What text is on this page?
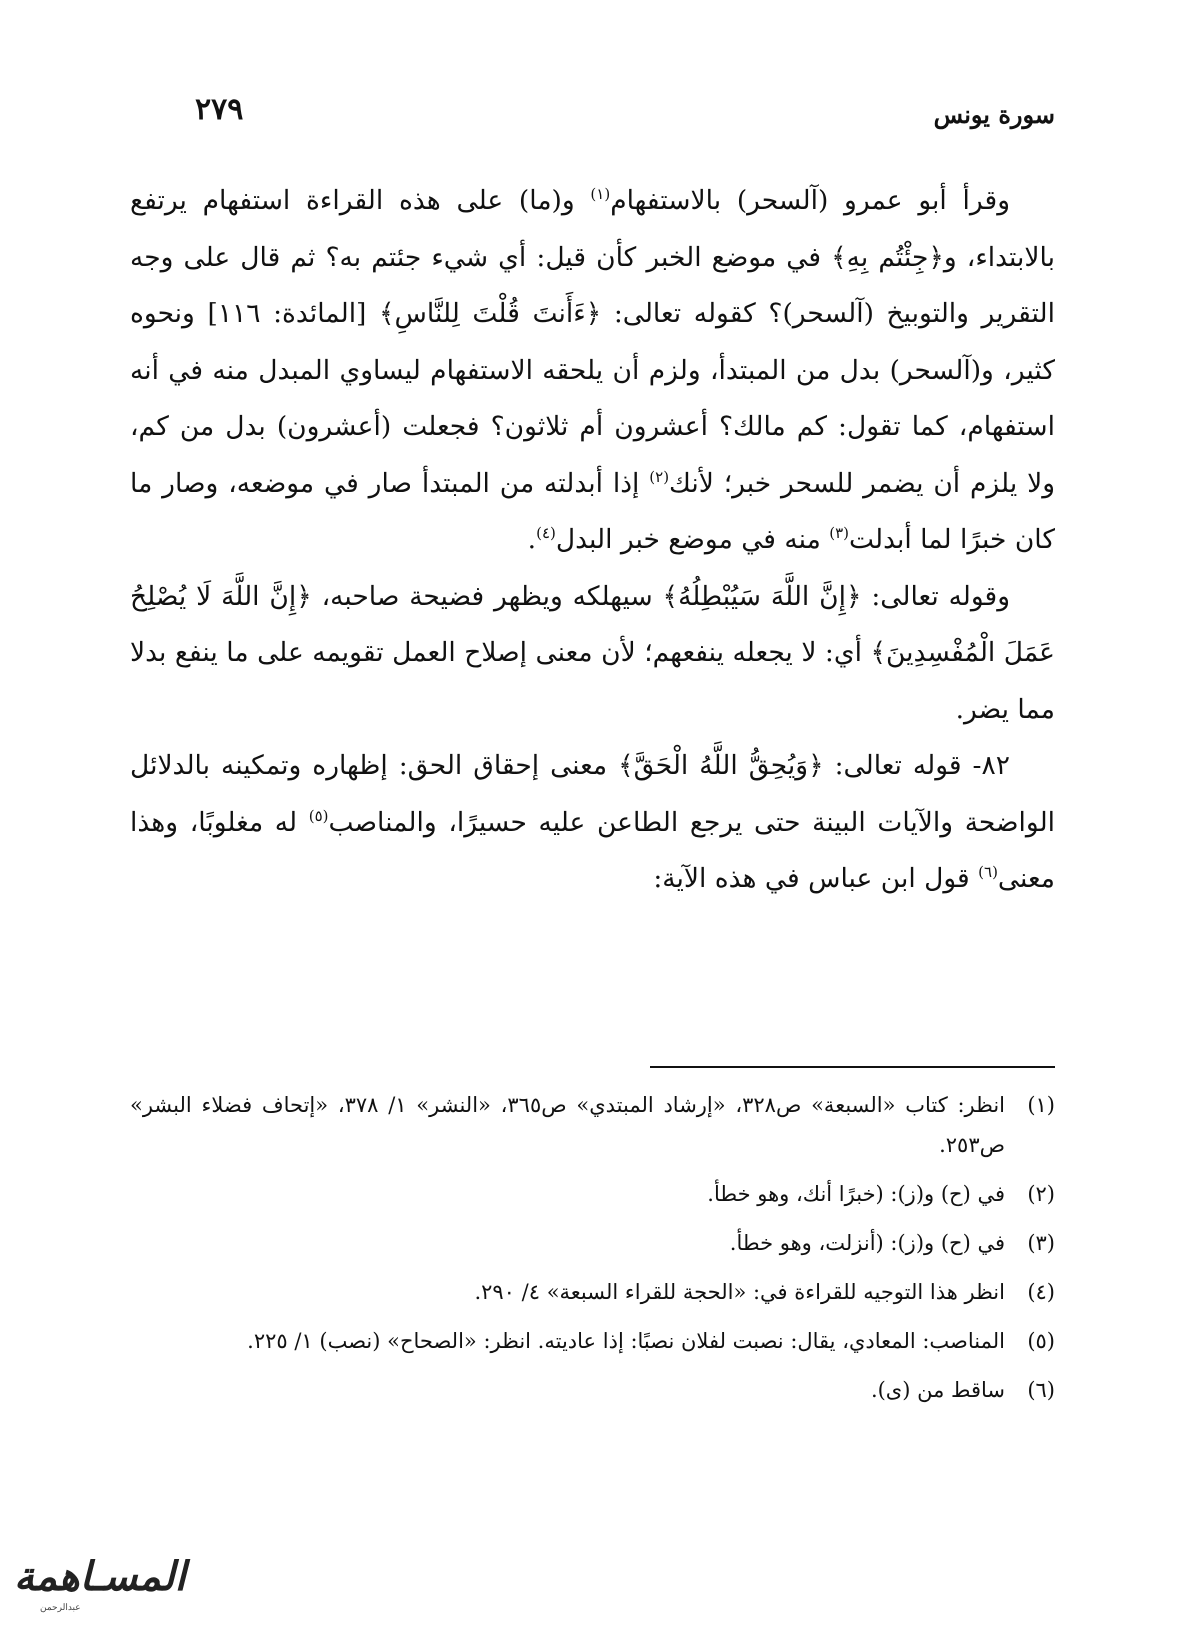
سورة يونس
٢٧٩

وقرأ أبو عمرو (آلسحر) بالاستفهام$^{(١)}$ و(ما) على هذه القراءة استفهام يرتفع بالابتداء، و﴿جِئْتُم بِهِ﴾ في موضع الخبر كأن قيل: أي شيء جئتم به؟ ثم قال على وجه التقرير والتوبيخ (آلسحر)؟ كقوله تعالى: ﴿ءَأَنتَ قُلْتَ لِلنَّاسِ﴾ [المائدة: ١١٦] ونحوه كثير، و(آلسحر) بدل من المبتدأ، ولزم أن يلحقه الاستفهام ليساوي المبدل منه في أنه استفهام، كما تقول: كم مالك؟ أعشرون أم ثلاثون؟ فجعلت (أعشرون) بدل من كم، ولا يلزم أن يضمر للسحر خبر؛ لأنك$^{(٢)}$ إذا أبدلته من المبتدأ صار في موضعه، وصار ما كان خبرًا لما أبدلت$^{(٣)}$ منه في موضع خبر البدل$^{(٤)}$.

وقوله تعالى: ﴿إِنَّ اللَّهَ سَيُبْطِلُهُ﴾ سيهلكه ويظهر فضيحة صاحبه، ﴿إِنَّ اللَّهَ لَا يُصْلِحُ عَمَلَ الْمُفْسِدِينَ﴾ أي: لا يجعله ينفعهم؛ لأن معنى إصلاح العمل تقويمه على ما ينفع بدلا مما يضر.

٨٢- قوله تعالى: ﴿وَيُحِقُّ اللَّهُ الْحَقَّ﴾ معنى إحقاق الحق: إظهاره وتمكينه بالدلائل الواضحة والآيات البينة حتى يرجع الطاعن عليه حسيرًا، والمناصب$^{(٥)}$ له مغلوبًا، وهذا معنى$^{(٦)}$ قول ابن عباس في هذه الآية:

(١)
انظر: كتاب «السبعة» ص٣٢٨، «إرشاد المبتدي» ص٣٦٥، «النشر» ١/ ٣٧٨، «إتحاف فضلاء البشر» ص٢٥٣.
(٢)
في (ح) و(ز): (خبرًا أنك، وهو خطأ.
(٣)
في (ح) و(ز): (أنزلت، وهو خطأ.
(٤)
انظر هذا التوجيه للقراءة في: «الحجة للقراء السبعة» ٤/ ٢٩٠.
(٥)
المناصب: المعادي، يقال: نصبت لفلان نصبًا: إذا عاديته. انظر: «الصحاح» (نصب) ١/ ٢٢٥.
(٦)
ساقط من (ى).
المسـاهمة
عبدالرحمن
